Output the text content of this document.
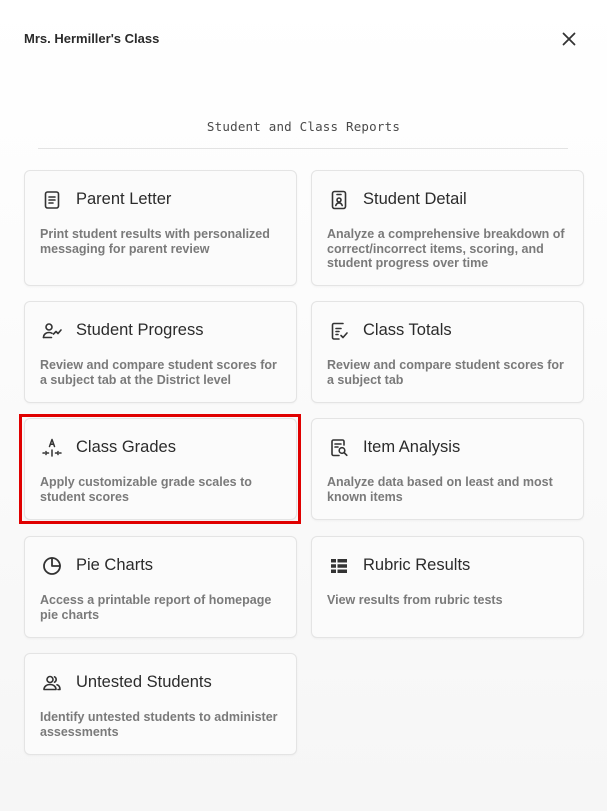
Mrs. Hermiller's Class
Student and Class Reports
Parent Letter
Print student results with personalized messaging for parent review
Student Detail
Analyze a comprehensive breakdown of correct/incorrect items, scoring, and student progress over time
Student Progress
Review and compare student scores for a subject tab at the District level
Class Totals
Review and compare student scores for a subject tab
Class Grades
Apply customizable grade scales to student scores
Item Analysis
Analyze data based on least and most known items
Pie Charts
Access a printable report of homepage pie charts
Rubric Results
View results from rubric tests
Untested Students
Identify untested students to administer assessments
